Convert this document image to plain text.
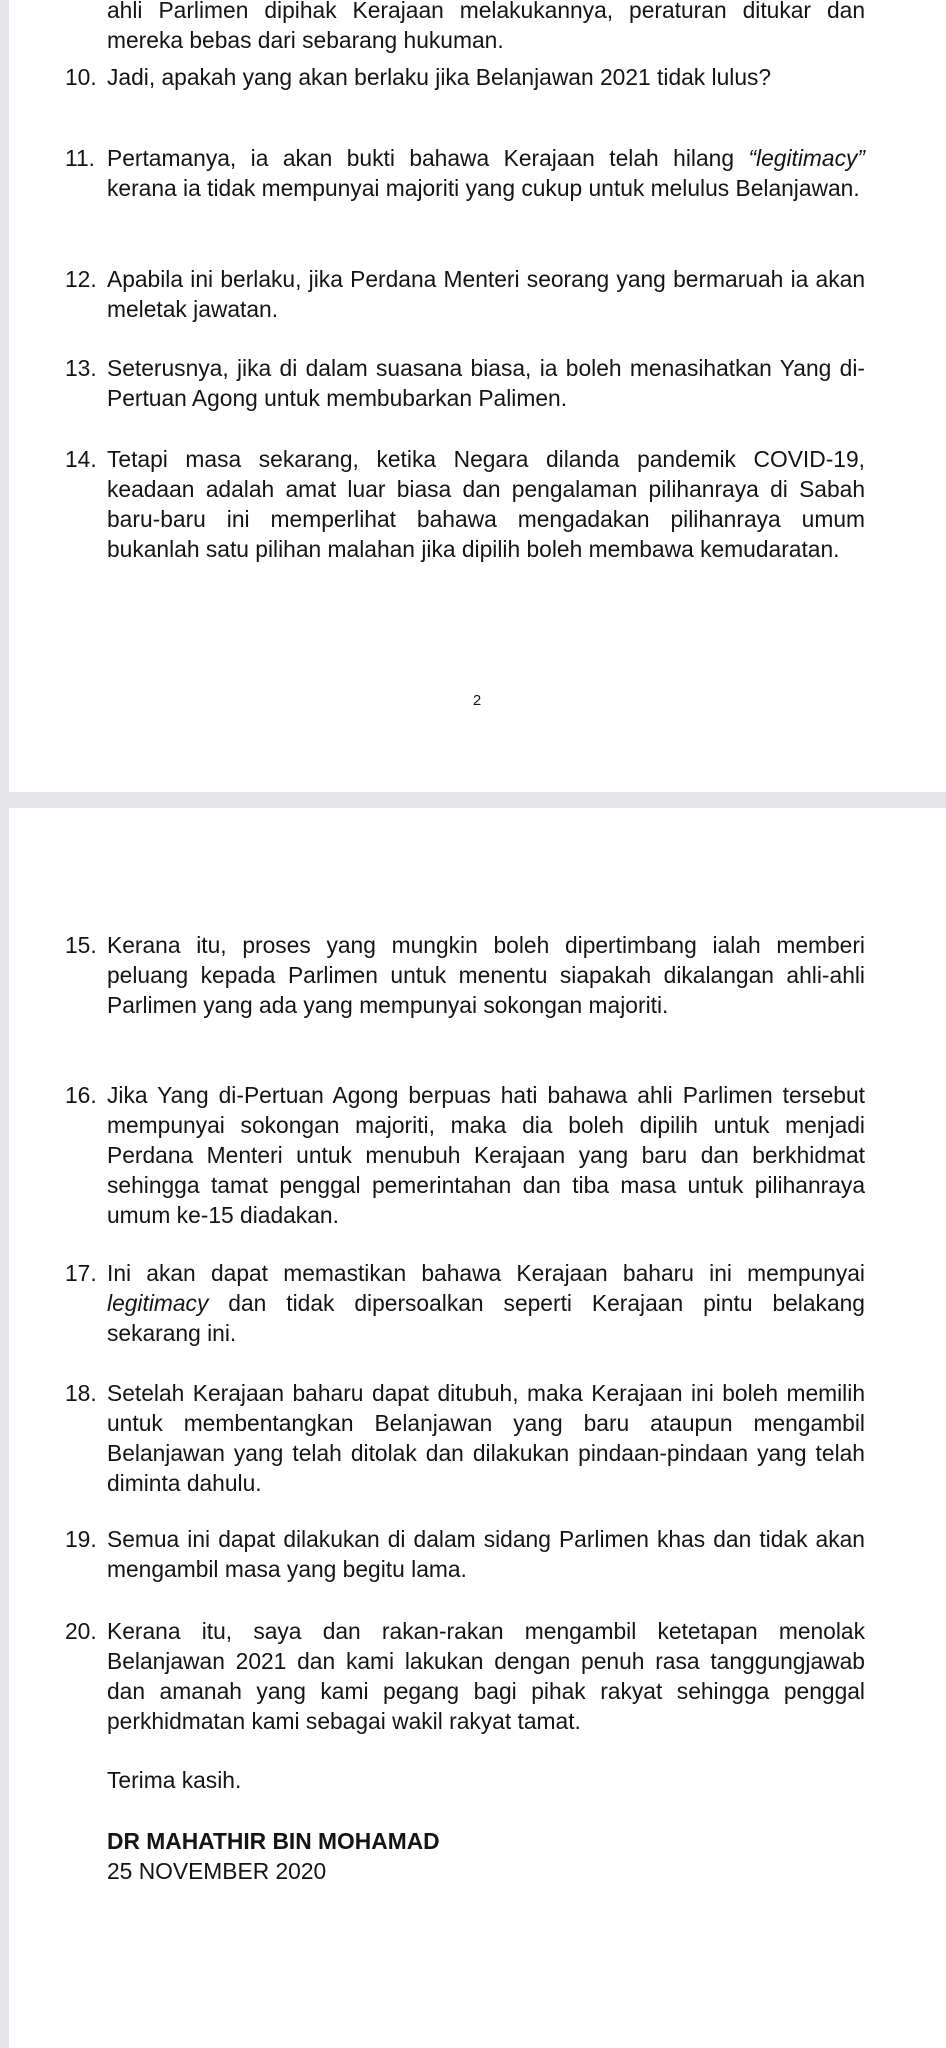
ahli Parlimen dipihak Kerajaan melakukannya, peraturan ditukar dan mereka bebas dari sebarang hukuman.
10. Jadi, apakah yang akan berlaku jika Belanjawan 2021 tidak lulus?
11. Pertamanya, ia akan bukti bahawa Kerajaan telah hilang “legitimacy” kerana ia tidak mempunyai majoriti yang cukup untuk melulus Belanjawan.
12. Apabila ini berlaku, jika Perdana Menteri seorang yang bermaruah ia akan meletak jawatan.
13. Seterusnya, jika di dalam suasana biasa, ia boleh menasihatkan Yang di-Pertuan Agong untuk membubarkan Palimen.
14. Tetapi masa sekarang, ketika Negara dilanda pandemik COVID-19, keadaan adalah amat luar biasa dan pengalaman pilihanraya di Sabah baru-baru ini memperlihat bahawa mengadakan pilihanraya umum bukanlah satu pilihan malahan jika dipilih boleh membawa kemudaratan.
2
15. Kerana itu, proses yang mungkin boleh dipertimbang ialah memberi peluang kepada Parlimen untuk menentu siapakah dikalangan ahli-ahli Parlimen yang ada yang mempunyai sokongan majoriti.
16. Jika Yang di-Pertuan Agong berpuas hati bahawa ahli Parlimen tersebut mempunyai sokongan majoriti, maka dia boleh dipilih untuk menjadi Perdana Menteri untuk menubuh Kerajaan yang baru dan berkhidmat sehingga tamat penggal pemerintahan dan tiba masa untuk pilihanraya umum ke-15 diadakan.
17. Ini akan dapat memastikan bahawa Kerajaan baharu ini mempunyai legitimacy dan tidak dipersoalkan seperti Kerajaan pintu belakang sekarang ini.
18. Setelah Kerajaan baharu dapat ditubuh, maka Kerajaan ini boleh memilih untuk membentangkan Belanjawan yang baru ataupun mengambil Belanjawan yang telah ditolak dan dilakukan pindaan-pindaan yang telah diminta dahulu.
19. Semua ini dapat dilakukan di dalam sidang Parlimen khas dan tidak akan mengambil masa yang begitu lama.
20. Kerana itu, saya dan rakan-rakan mengambil ketetapan menolak Belanjawan 2021 dan kami lakukan dengan penuh rasa tanggungjawab dan amanah yang kami pegang bagi pihak rakyat sehingga penggal perkhidmatan kami sebagai wakil rakyat tamat.
Terima kasih.
DR MAHATHIR BIN MOHAMAD
25 NOVEMBER 2020
